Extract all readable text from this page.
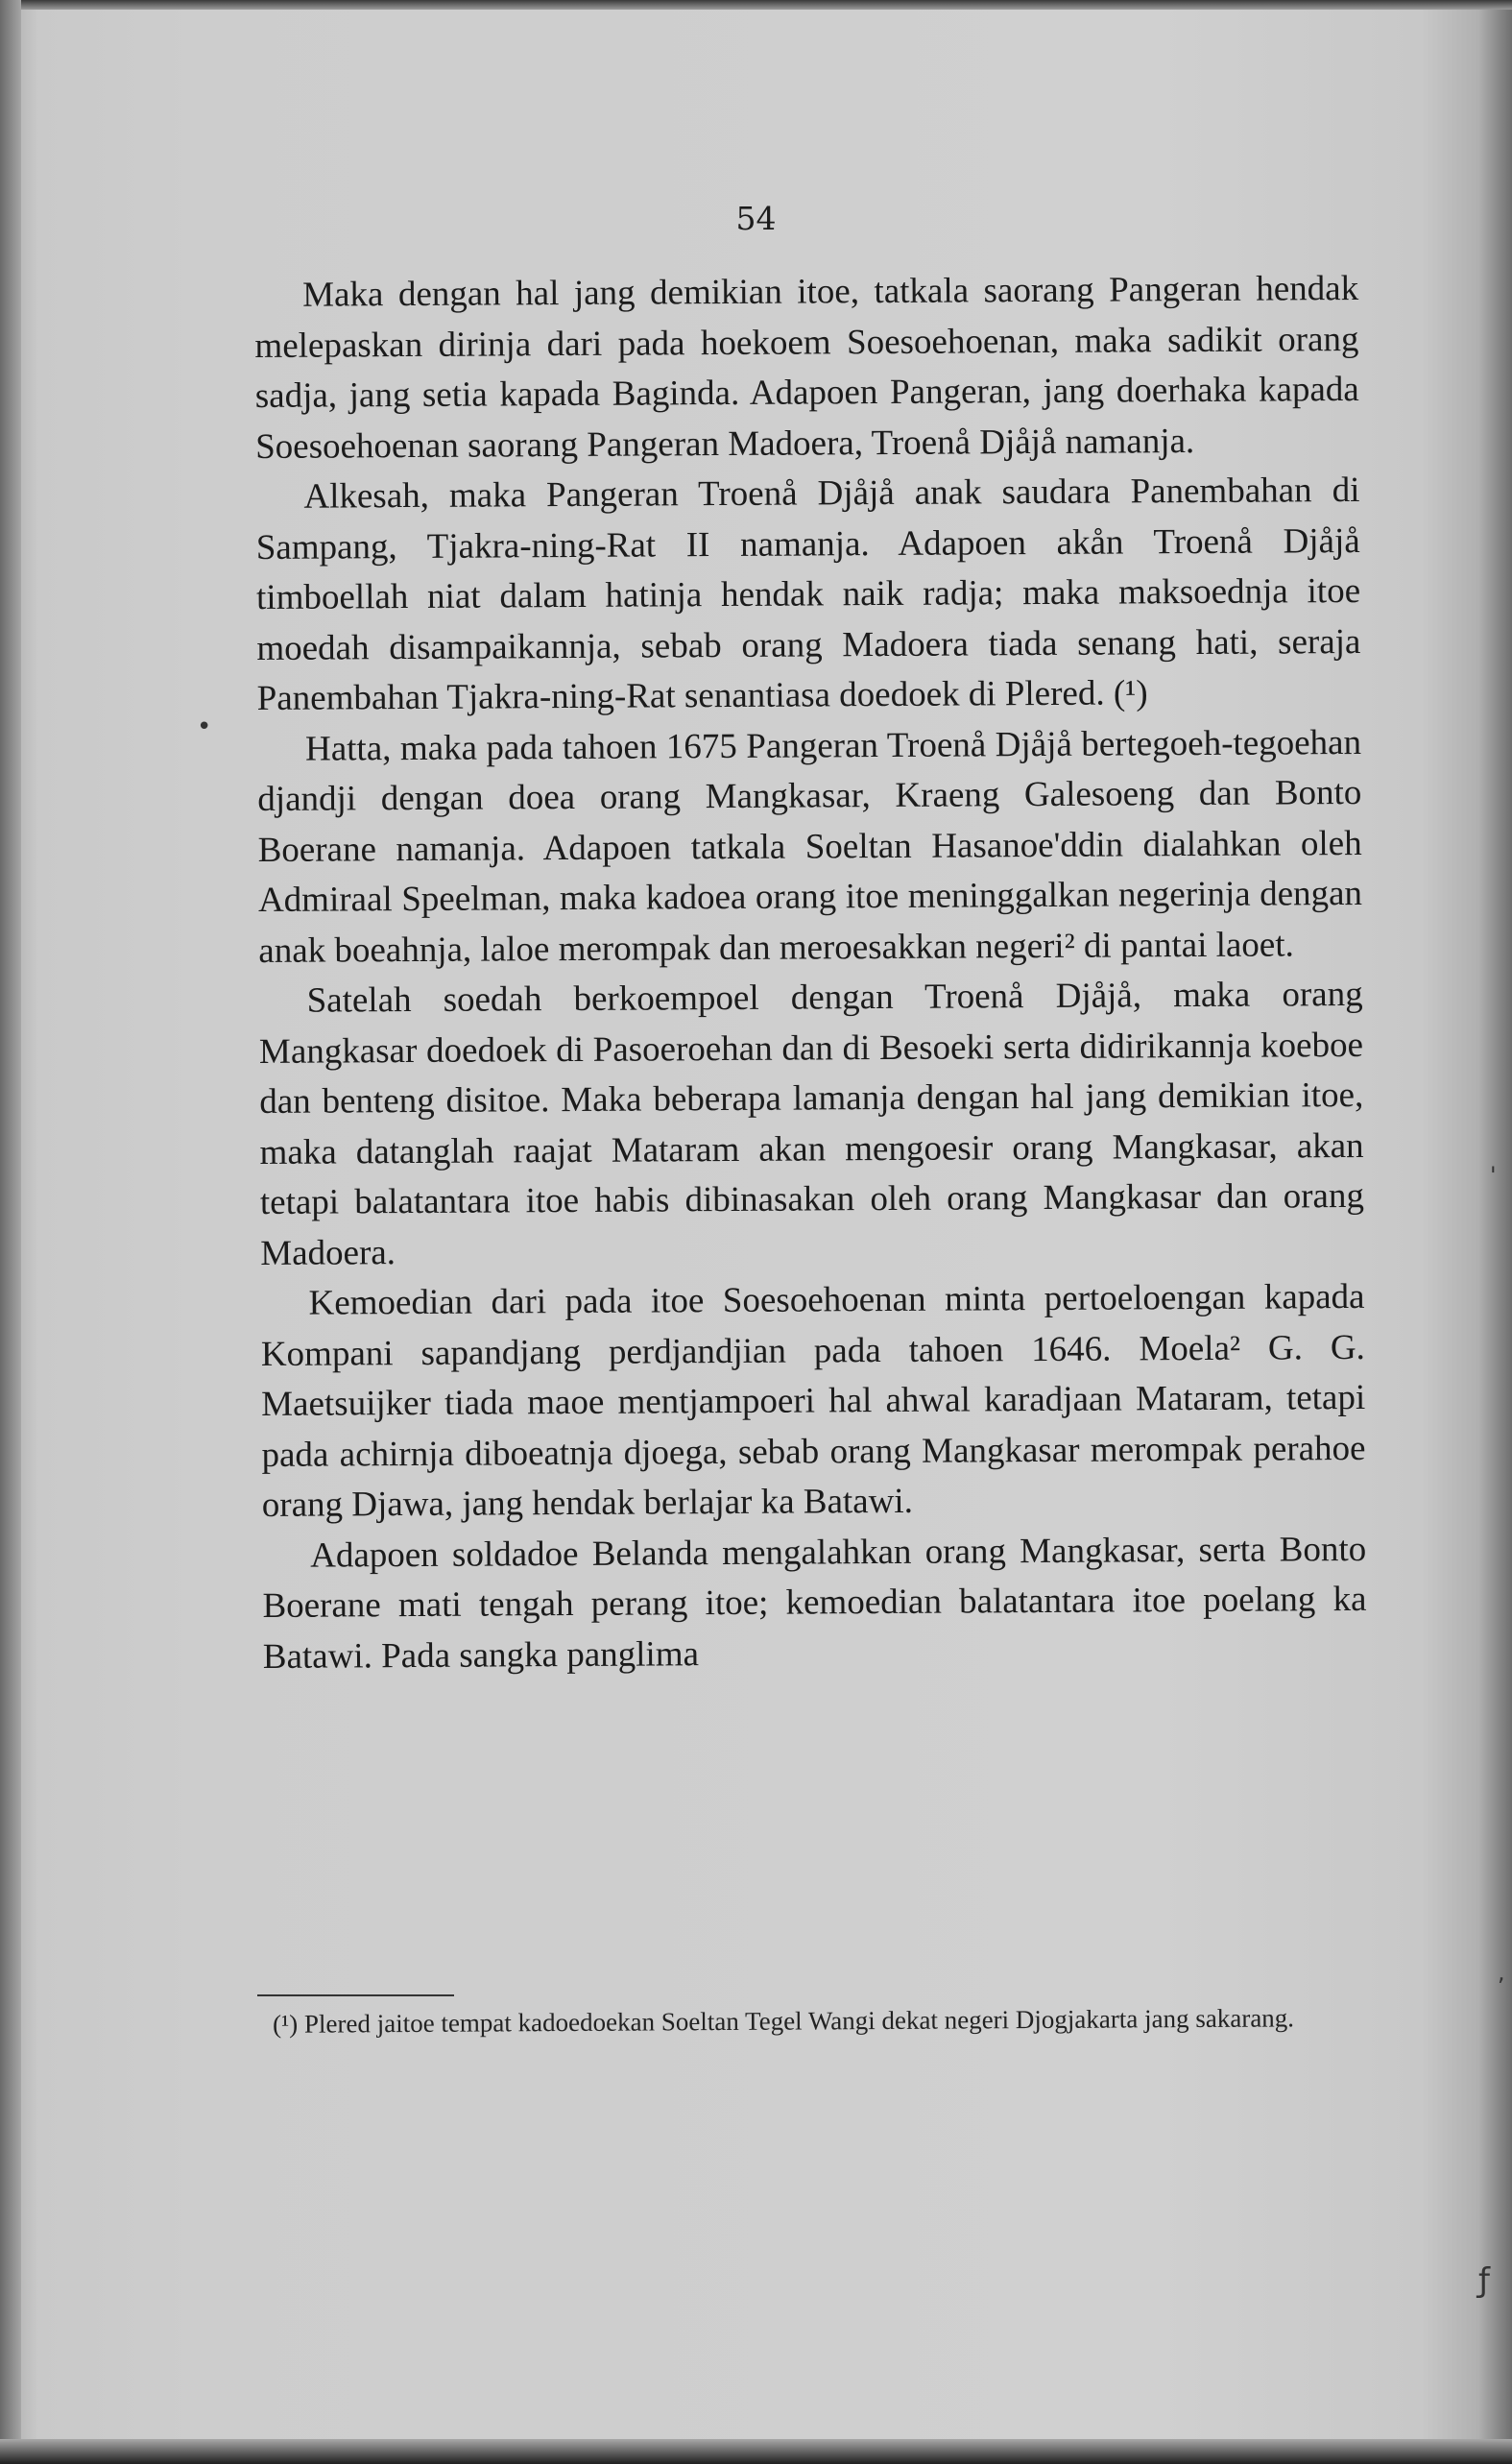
54

Maka dengan hal jang demikian itoe, tatkala saorang Pangeran hendak melepaskan dirinja dari pada hoekoem Soesoehoenan, maka sadikit orang sadja, jang setia kapada Baginda. Adapoen Pangeran, jang doerhaka kapada Soesoehoenan saorang Pangeran Madoera, Troenå Djåjå namanja.

Alkesah, maka Pangeran Troenå Djåjå anak saudara Panembahan di Sampang, Tjakra-ning-Rat II namanja. Adapoen akån Troenå Djåjå timboellah niat dalam hatinja hendak naik radja; maka maksoednja itoe moedah disampaikannja, sebab orang Madoera tiada senang hati, seraja Panembahan Tjakra-ning-Rat senantiasa doedoek di Plered. (¹)

Hatta, maka pada tahoen 1675 Pangeran Troenå Djåjå bertegoeh-tegoehan djandji dengan doea orang Mangkasar, Kraeng Galesoeng dan Bonto Boerane namanja. Adapoen tatkala Soeltan Hasanoe'ddin dialahkan oleh Admiraal Speelman, maka kadoea orang itoe meninggalkan negerinja dengan anak boeahnja, laloe merompak dan meroesakkan negeri² di pantai laoet.

Satelah soedah berkoempoel dengan Troenå Djåjå, maka orang Mangkasar doedoek di Pasoeroehan dan di Besoeki serta didirikannja koeboe dan benteng disitoe. Maka beberapa lamanja dengan hal jang demikian itoe, maka datanglah raajat Mataram akan mengoesir orang Mangkasar, akan tetapi balatantara itoe habis dibinasakan oleh orang Mangkasar dan orang Madoera.

Kemoedian dari pada itoe Soesoehoenan minta pertoeloengan kapada Kompani sapandjang perdjandjian pada tahoen 1646. Moela² G. G. Maetsuijker tiada maoe mentjampoeri hal ahwal karadjaan Mataram, tetapi pada achirnja diboeatnja djoega, sebab orang Mangkasar merompak perahoe orang Djawa, jang hendak berlajar ka Batawi.

Adapoen soldadoe Belanda mengalahkan orang Mangkasar, serta Bonto Boerane mati tengah perang itoe; kemoedian balatantara itoe poelang ka Batawi. Pada sangka panglima

(¹) Plered jaitoe tempat kadoedoekan Soeltan Tegel Wangi dekat negeri Djogjakarta jang sakarang.

•
'
,
ƒ
